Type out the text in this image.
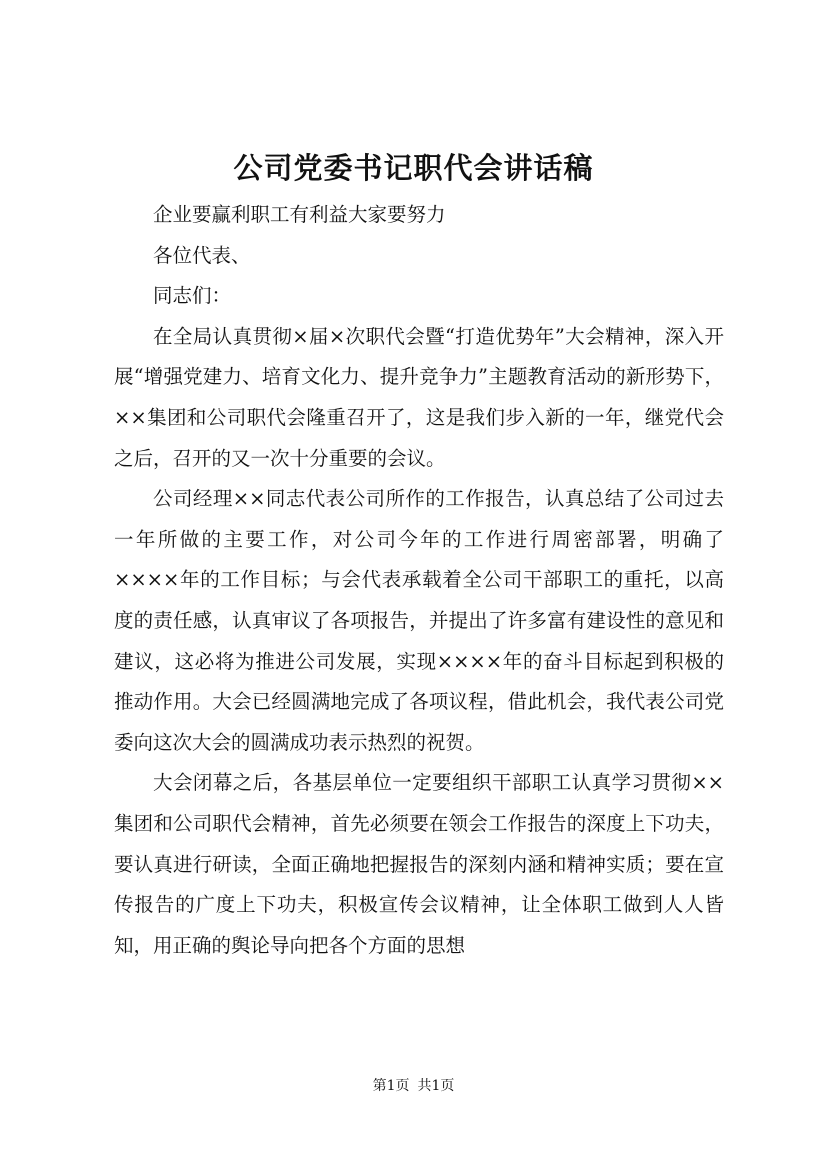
公司党委书记职代会讲话稿

企业要赢利职工有利益大家要努力

各位代表、

同志们：

在全局认真贯彻×届×次职代会暨“打造优势年”大会精神，深入开展“增强党建力、培育文化力、提升竞争力”主题教育活动的新形势下，××集团和公司职代会隆重召开了，这是我们步入新的一年，继党代会之后，召开的又一次十分重要的会议。

公司经理××同志代表公司所作的工作报告，认真总结了公司过去一年所做的主要工作，对公司今年的工作进行周密部署，明确了××××年的工作目标；与会代表承载着全公司干部职工的重托，以高度的责任感，认真审议了各项报告，并提出了许多富有建设性的意见和建议，这必将为推进公司发展，实现××××年的奋斗目标起到积极的推动作用。大会已经圆满地完成了各项议程，借此机会，我代表公司党委向这次大会的圆满成功表示热烈的祝贺。

大会闭幕之后，各基层单位一定要组织干部职工认真学习贯彻××集团和公司职代会精神，首先必须要在领会工作报告的深度上下功夫，要认真进行研读，全面正确地把握报告的深刻内涵和精神实质；要在宣传报告的广度上下功夫，积极宣传会议精神，让全体职工做到人人皆知，用正确的舆论导向把各个方面的思想

第1页 共1页
